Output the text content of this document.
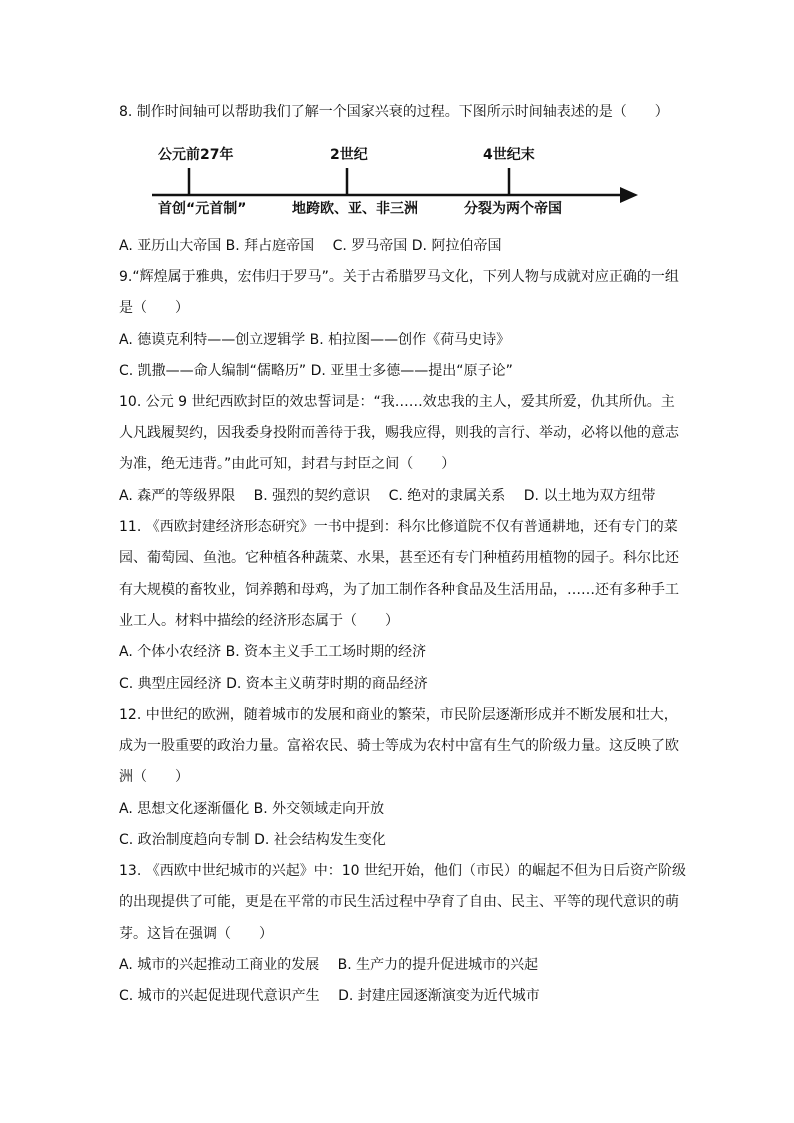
8. 制作时间轴可以帮助我们了解一个国家兴衰的过程。下图所示时间轴表述的是（　　）
公元前27年	2世纪	4世纪末
首创“元首制”	地跨欧、亚、非三洲	分裂为两个帝国
A. 亚历山大帝国 B. 拜占庭帝国　 C. 罗马帝国 D. 阿拉伯帝国
9.“辉煌属于雅典，宏伟归于罗马”。关于古希腊罗马文化，下列人物与成就对应正确的一组
是（　　）
A. 德谟克利特——创立逻辑学 B. 柏拉图——创作《荷马史诗》
C. 凯撒——命人编制“儒略历” D. 亚里士多德——提出“原子论”
10. 公元 9 世纪西欧封臣的效忠誓词是：“我……效忠我的主人，爱其所爱，仇其所仇。主
人凡践履契约，因我委身投附而善待于我，赐我应得，则我的言行、举动，必将以他的意志
为准，绝无违背。”由此可知，封君与封臣之间（　　）
A. 森严的等级界限　 B. 强烈的契约意识　 C. 绝对的隶属关系　 D. 以土地为双方纽带
11. 《西欧封建经济形态研究》一书中提到：科尔比修道院不仅有普通耕地，还有专门的菜
园、葡萄园、鱼池。它种植各种蔬菜、水果，甚至还有专门种植药用植物的园子。科尔比还
有大规模的畜牧业，饲养鹅和母鸡，为了加工制作各种食品及生活用品，……还有多种手工
业工人。材料中描绘的经济形态属于（　　）
A. 个体小农经济 B. 资本主义手工工场时期的经济
C. 典型庄园经济 D. 资本主义萌芽时期的商品经济
12. 中世纪的欧洲，随着城市的发展和商业的繁荣，市民阶层逐渐形成并不断发展和壮大，
成为一股重要的政治力量。富裕农民、骑士等成为农村中富有生气的阶级力量。这反映了欧
洲（　　）
A. 思想文化逐渐僵化 B. 外交领域走向开放
C. 政治制度趋向专制 D. 社会结构发生变化
13. 《西欧中世纪城市的兴起》中：10 世纪开始，他们（市民）的崛起不但为日后资产阶级
的出现提供了可能，更是在平常的市民生活过程中孕育了自由、民主、平等的现代意识的萌
芽。这旨在强调（　　）
A. 城市的兴起推动工商业的发展　 B. 生产力的提升促进城市的兴起
C. 城市的兴起促进现代意识产生　 D. 封建庄园逐渐演变为近代城市
